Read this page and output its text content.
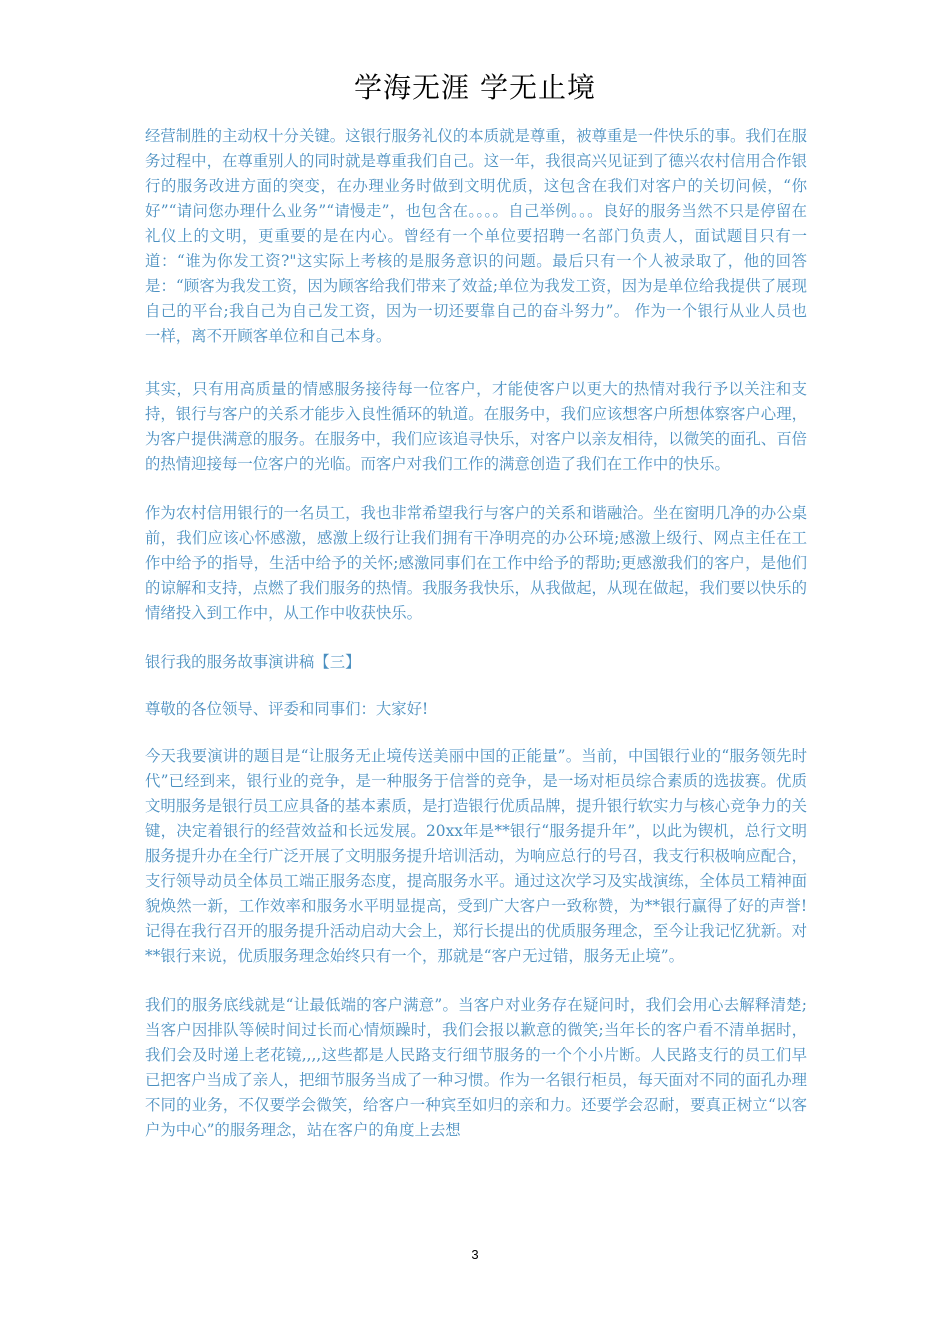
学海无涯 学无止境

经营制胜的主动权十分关键。这银行服务礼仪的本质就是尊重，被尊重是一件快乐的事。我们在服务过程中，在尊重别人的同时就是尊重我们自己。这一年，我很高兴见证到了德兴农村信用合作银行的服务改进方面的突变，在办理业务时做到文明优质，这包含在我们对客户的关切问候，“你好”“请问您办理什么业务”“请慢走”，也包含在。。。。自己举例。。。良好的服务当然不只是停留在礼仪上的文明，更重要的是在内心。曾经有一个单位要招聘一名部门负责人，面试题目只有一道：“谁为你发工资?"这实际上考核的是服务意识的问题。最后只有一个人被录取了，他的回答是：“顾客为我发工资，因为顾客给我们带来了效益;单位为我发工资，因为是单位给我提供了展现自己的平台;我自己为自己发工资，因为一切还要靠自己的奋斗努力”。 作为一个银行从业人员也一样，离不开顾客单位和自己本身。

其实，只有用高质量的情感服务接待每一位客户，才能使客户以更大的热情对我行予以关注和支持，银行与客户的关系才能步入良性循环的轨道。在服务中，我们应该想客户所想体察客户心理，为客户提供满意的服务。在服务中，我们应该追寻快乐，对客户以亲友相待，以微笑的面孔、百倍的热情迎接每一位客户的光临。而客户对我们工作的满意创造了我们在工作中的快乐。

作为农村信用银行的一名员工，我也非常希望我行与客户的关系和谐融洽。坐在窗明几净的办公桌前，我们应该心怀感激，感激上级行让我们拥有干净明亮的办公环境;感激上级行、网点主任在工作中给予的指导，生活中给予的关怀;感激同事们在工作中给予的帮助;更感激我们的客户，是他们的谅解和支持，点燃了我们服务的热情。我服务我快乐，从我做起，从现在做起，我们要以快乐的情绪投入到工作中，从工作中收获快乐。

银行我的服务故事演讲稿【三】

尊敬的各位领导、评委和同事们：大家好!

今天我要演讲的题目是“让服务无止境传送美丽中国的正能量”。当前，中国银行业的“服务领先时代”已经到来，银行业的竞争，是一种服务于信誉的竞争，是一场对柜员综合素质的选拔赛。优质文明服务是银行员工应具备的基本素质，是打造银行优质品牌，提升银行软实力与核心竞争力的关键，决定着银行的经营效益和长远发展。20xx年是**银行“服务提升年”，以此为锲机，总行文明服务提升办在全行广泛开展了文明服务提升培训活动，为响应总行的号召，我支行积极响应配合，支行领导动员全体员工端正服务态度，提高服务水平。通过这次学习及实战演练，全体员工精神面貌焕然一新，工作效率和服务水平明显提高，受到广大客户一致称赞，为**银行赢得了好的声誉!记得在我行召开的服务提升活动启动大会上，郑行长提出的优质服务理念，至今让我记忆犹新。对**银行来说，优质服务理念始终只有一个，那就是“客户无过错，服务无止境”。

我们的服务底线就是“让最低端的客户满意”。当客户对业务存在疑问时，我们会用心去解释清楚;当客户因排队等候时间过长而心情烦躁时，我们会报以歉意的微笑;当年长的客户看不清单据时，我们会及时递上老花镜,,,,这些都是人民路支行细节服务的一个个小片断。人民路支行的员工们早已把客户当成了亲人，把细节服务当成了一种习惯。作为一名银行柜员，每天面对不同的面孔办理不同的业务，不仅要学会微笑，给客户一种宾至如归的亲和力。还要学会忍耐，要真正树立“以客户为中心”的服务理念，站在客户的角度上去想

3
